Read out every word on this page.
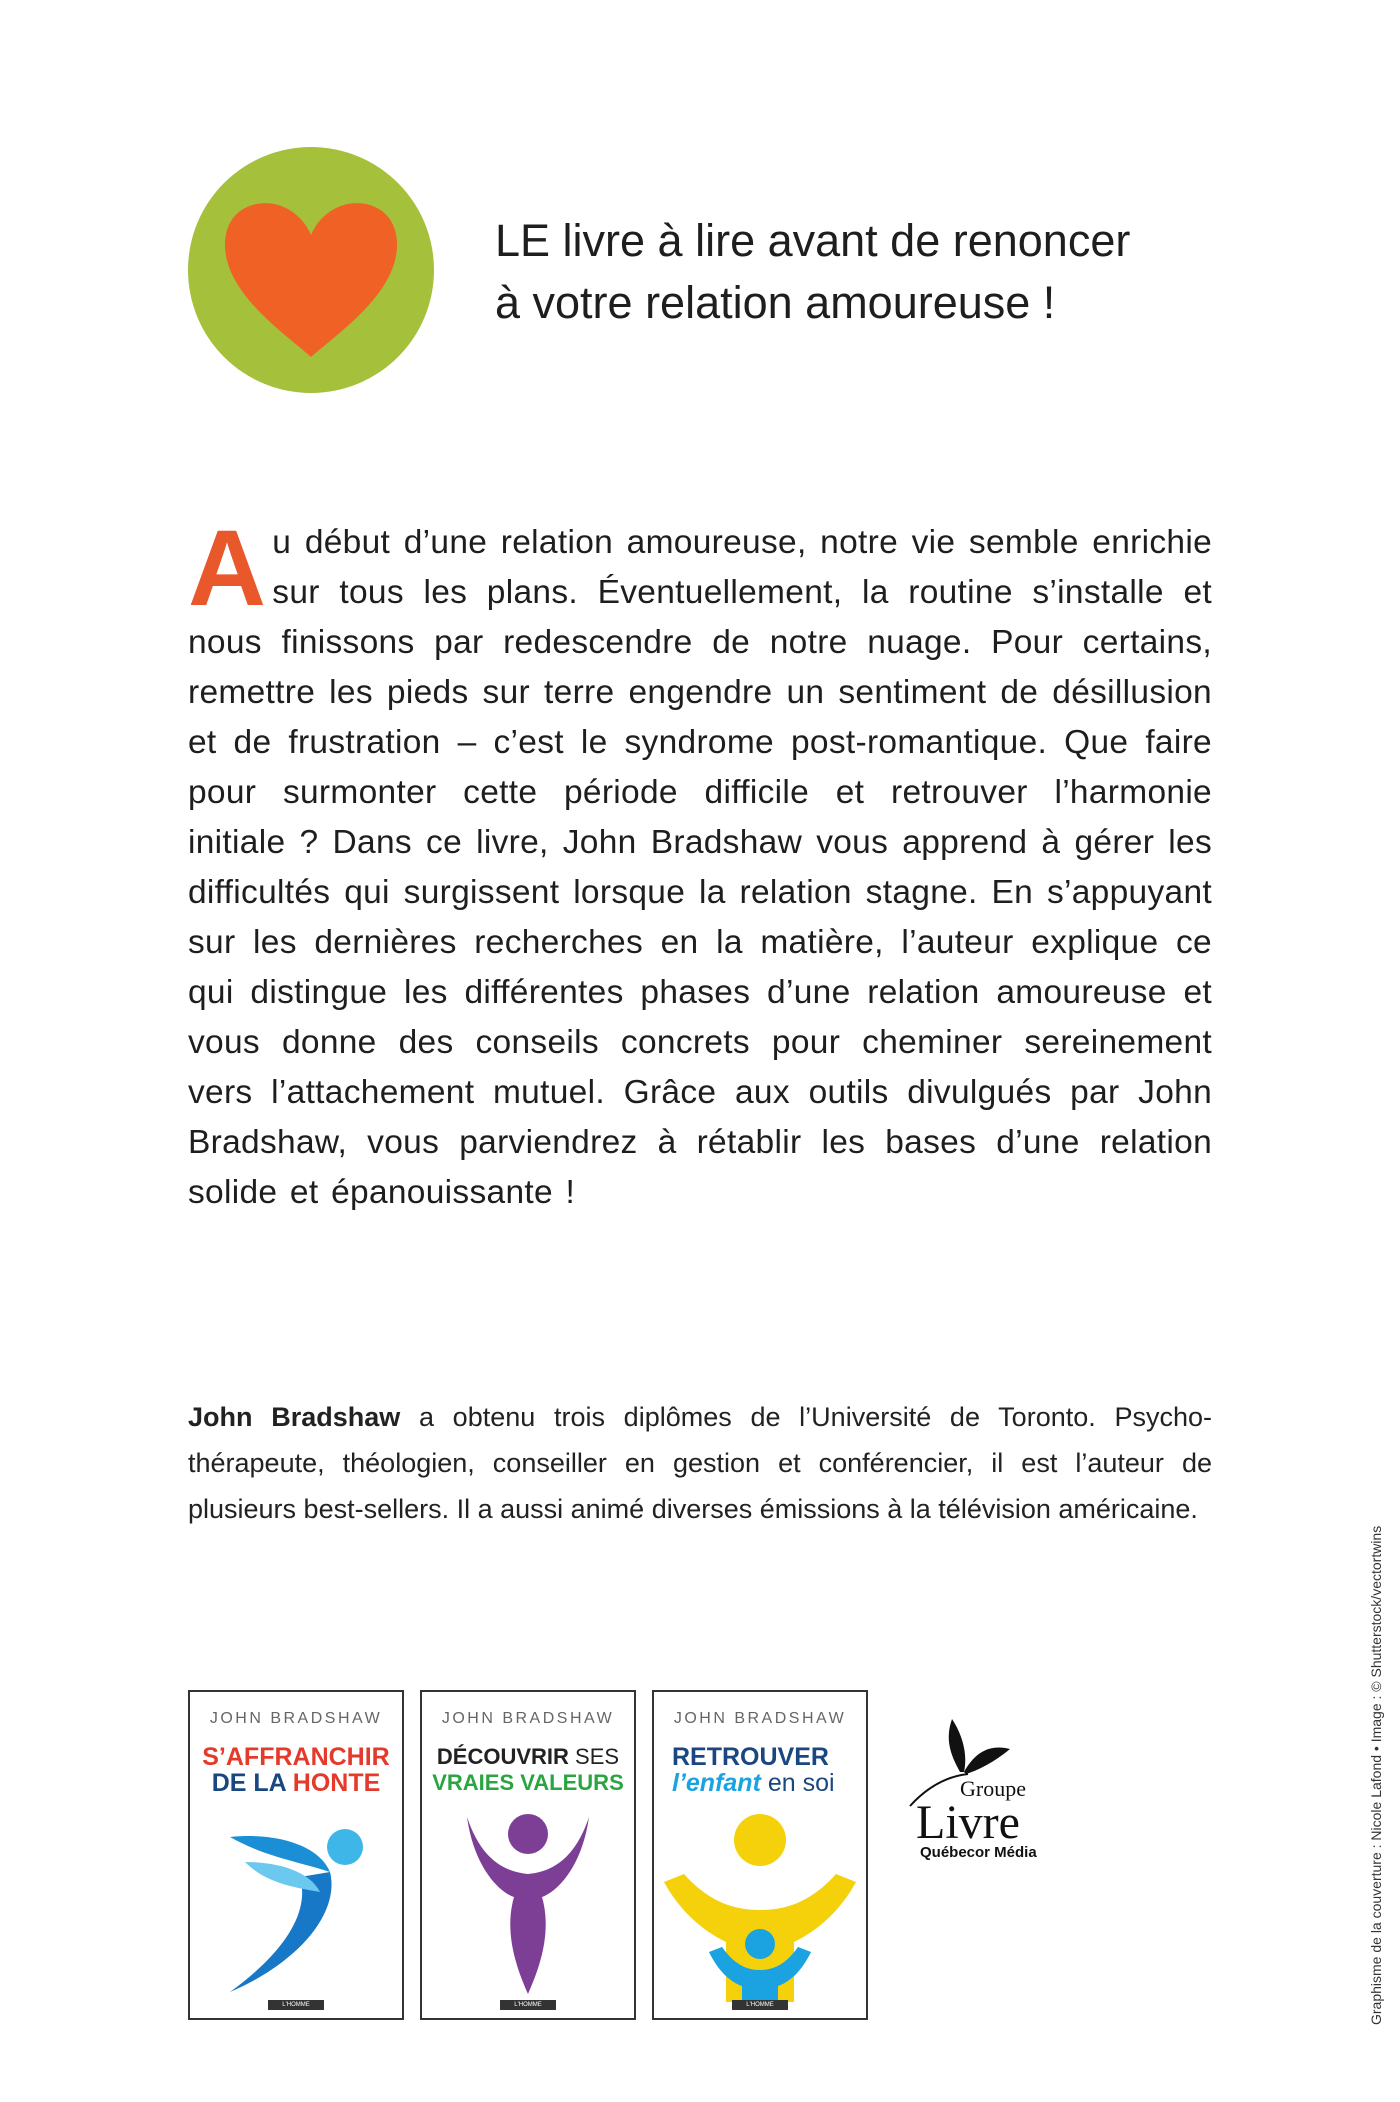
LE livre à lire avant de renoncer
à votre relation amoureuse !
Au début d’une relation amoureuse, notre vie semble enrichie sur tous les plans. Éventuellement, la routine s’installe et nous finissons par redescendre de notre nuage. Pour certains, remettre les pieds sur terre engendre un sentiment de désillusion et de frustration – c’est le syndrome post-romantique. Que faire pour surmonter cette période difficile et retrouver l’harmonie initiale ? Dans ce livre, John Bradshaw vous apprend à gérer les difficultés qui surgissent lorsque la relation stagne. En s’appuyant sur les dernières recherches en la matière, l’auteur explique ce qui distingue les différentes phases d’une relation amoureuse et vous donne des conseils concrets pour cheminer sereinement vers l’attachement mutuel. Grâce aux outils divulgués par John Bradshaw, vous parviendrez à rétablir les bases d’une relation solide et épanouissante !
John Bradshaw a obtenu trois diplômes de l’Université de Toronto. Psychothérapeute, théologien, conseiller en gestion et conférencier, il est l’auteur de plusieurs best-sellers. Il a aussi animé diverses émissions à la télévision américaine.
JOHN BRADSHAW
S’AFFRANCHIR
DE LA HONTE
L'HOMME
JOHN BRADSHAW
DÉCOUVRIR SES
VRAIES VALEURS
L'HOMME
JOHN BRADSHAW
RETROUVER
l’enfant en soi
L'HOMME
Groupe
Livre
Québecor Média	Graphisme de la couverture : Nicole Lafond • Image : © Shutterstock/vectortwins
